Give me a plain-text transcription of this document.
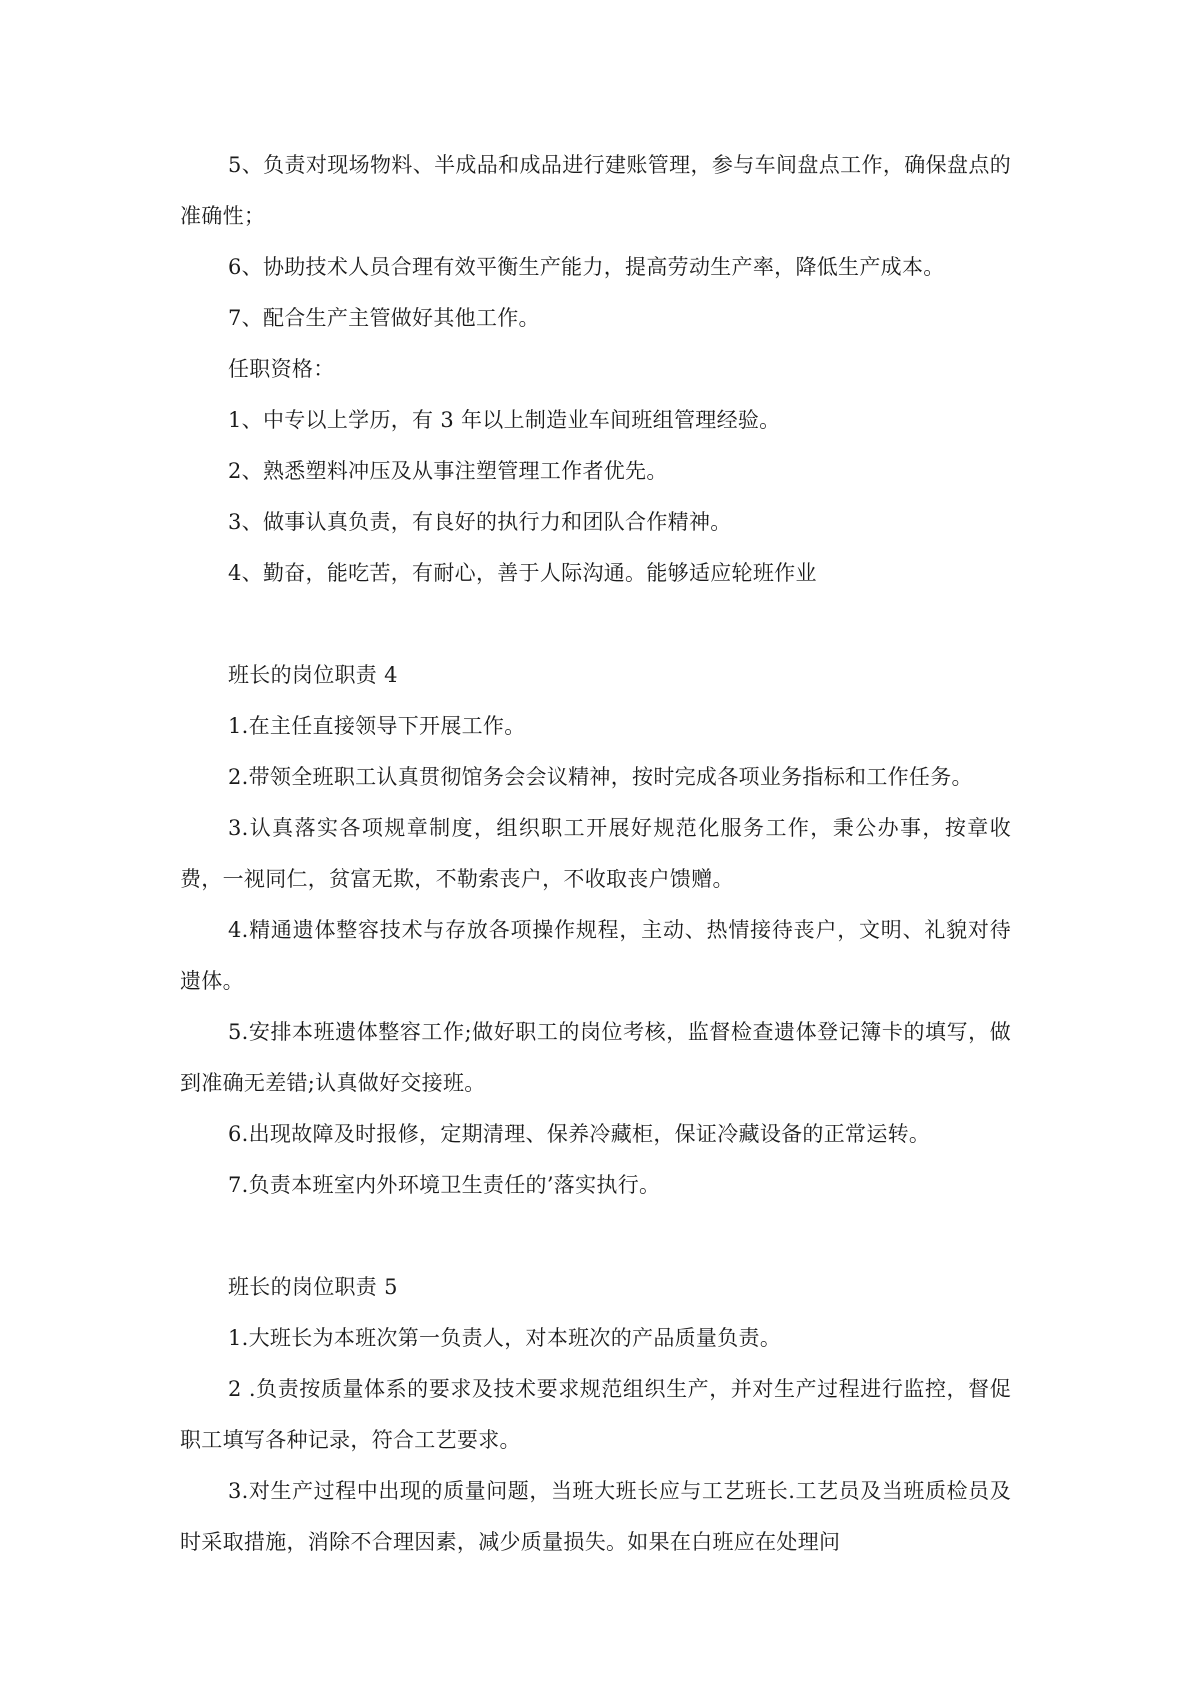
5、负责对现场物料、半成品和成品进行建账管理，参与车间盘点工作，确保盘点的准确性；

6、协助技术人员合理有效平衡生产能力，提高劳动生产率，降低生产成本。

7、配合生产主管做好其他工作。

任职资格：

1、中专以上学历，有 3 年以上制造业车间班组管理经验。

2、熟悉塑料冲压及从事注塑管理工作者优先。

3、做事认真负责，有良好的执行力和团队合作精神。

4、勤奋，能吃苦，有耐心，善于人际沟通。能够适应轮班作业

班长的岗位职责 4

1.在主任直接领导下开展工作。

2.带领全班职工认真贯彻馆务会会议精神，按时完成各项业务指标和工作任务。

3.认真落实各项规章制度，组织职工开展好规范化服务工作，秉公办事，按章收费，一视同仁，贫富无欺，不勒索丧户，不收取丧户馈赠。

4.精通遗体整容技术与存放各项操作规程，主动、热情接待丧户，文明、礼貌对待遗体。

5.安排本班遗体整容工作;做好职工的岗位考核，监督检查遗体登记簿卡的填写，做到准确无差错;认真做好交接班。

6.出现故障及时报修，定期清理、保养冷藏柜，保证冷藏设备的正常运转。

7.负责本班室内外环境卫生责任的’落实执行。

班长的岗位职责 5

1.大班长为本班次第一负责人，对本班次的产品质量负责。

2 .负责按质量体系的要求及技术要求规范组织生产，并对生产过程进行监控，督促职工填写各种记录，符合工艺要求。

3.对生产过程中出现的质量问题，当班大班长应与工艺班长.工艺员及当班质检员及时采取措施，消除不合理因素，减少质量损失。如果在白班应在处理问
